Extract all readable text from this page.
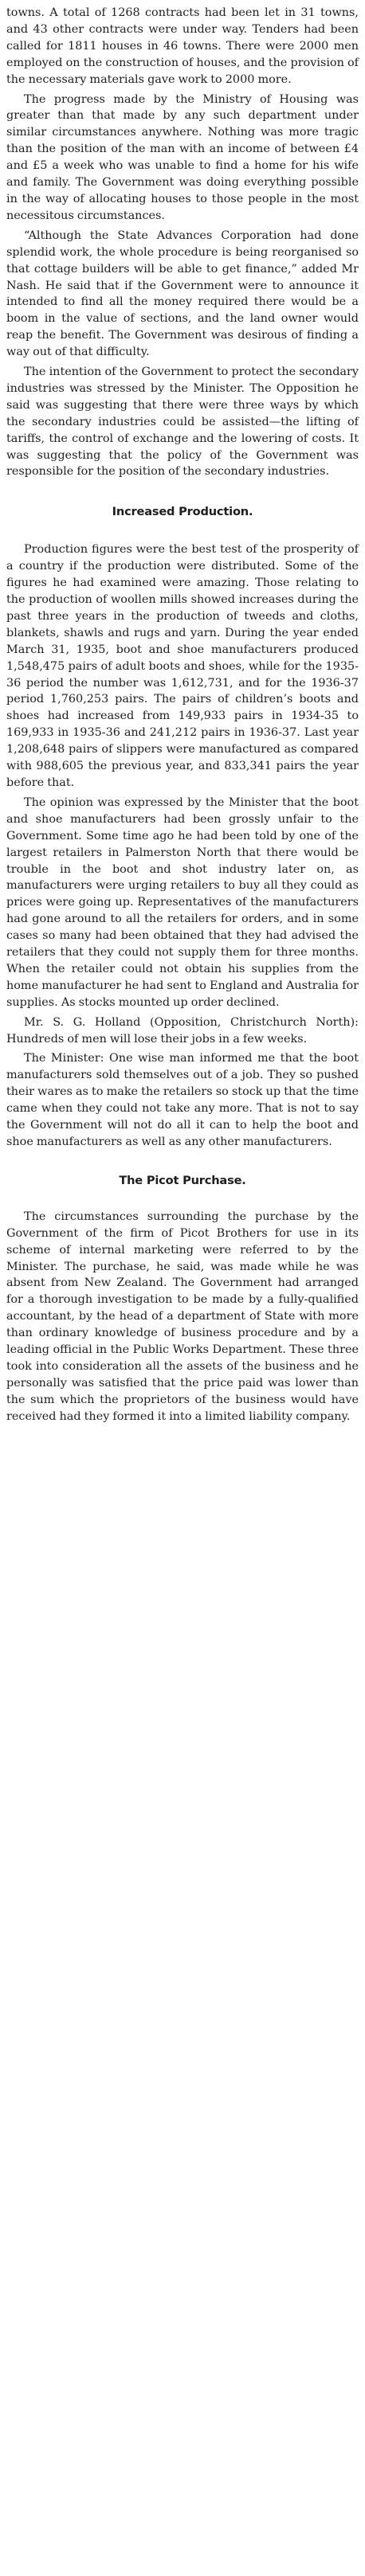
towns. A total of 1268 contracts had been let in 31 towns, and 43 other contracts were under way. Tenders had been called for 1811 houses in 46 towns. There were 2000 men employed on the construction of houses, and the provision of the necessary materials gave work to 2000 more.

The progress made by the Ministry of Housing was greater than that made by any such department under similar circumstances anywhere. Nothing was more tragic than the position of the man with an income of between £4 and £5 a week who was unable to find a home for his wife and family. The Government was doing everything possible in the way of allocating houses to those people in the most necessitous circumstances.

“Although the State Advances Corporation had done splendid work, the whole procedure is being reorganised so that cottage builders will be able to get finance,” added Mr Nash. He said that if the Government were to announce it intended to find all the money required there would be a boom in the value of sections, and the land owner would reap the benefit. The Government was desirous of finding a way out of that difficulty.

The intention of the Government to protect the secondary industries was stressed by the Minister. The Opposition he said was suggesting that there were three ways by which the secondary industries could be assisted—the lifting of tariffs, the control of exchange and the lowering of costs. It was suggesting that the policy of the Government was responsible for the position of the secondary industries.

Increased Production.

Production figures were the best test of the prosperity of a country if the production were distributed. Some of the figures he had examined were amazing. Those relating to the production of woollen mills showed increases during the past three years in the production of tweeds and cloths, blankets, shawls and rugs and yarn. During the year ended March 31, 1935, boot and shoe manufacturers produced 1,548,475 pairs of adult boots and shoes, while for the 1935-36 period the number was 1,612,731, and for the 1936-37 period 1,760,253 pairs. The pairs of children’s boots and shoes had increased from 149,933 pairs in 1934-35 to 169,933 in 1935-36 and 241,212 pairs in 1936-37. Last year 1,208,648 pairs of slippers were manufactured as compared with 988,605 the previous year, and 833,341 pairs the year before that.

The opinion was expressed by the Minister that the boot and shoe manufacturers had been grossly unfair to the Government. Some time ago he had been told by one of the largest retailers in Palmerston North that there would be trouble in the boot and shot industry later on, as manufacturers were urging retailers to buy all they could as prices were going up. Representatives of the manufacturers had gone around to all the retailers for orders, and in some cases so many had been obtained that they had advised the retailers that they could not supply them for three months. When the retailer could not obtain his supplies from the home manufacturer he had sent to England and Australia for supplies. As stocks mounted up order declined.

Mr. S. G. Holland (Opposition, Christchurch North): Hundreds of men will lose their jobs in a few weeks.

The Minister: One wise man informed me that the boot manufacturers sold themselves out of a job. They so pushed their wares as to make the retailers so stock up that the time came when they could not take any more. That is not to say the Government will not do all it can to help the boot and shoe manufacturers as well as any other manufacturers.

The Picot Purchase.

The circumstances surrounding the purchase by the Government of the firm of Picot Brothers for use in its scheme of internal marketing were referred to by the Minister. The purchase, he said, was made while he was absent from New Zealand. The Government had arranged for a thorough investigation to be made by a fully-qualified accountant, by the head of a department of State with more than ordinary knowledge of business procedure and by a leading official in the Public Works Department. These three took into consideration all the assets of the business and he personally was satisfied that the price paid was lower than the sum which the proprietors of the business would have received had they formed it into a limited liability company.
